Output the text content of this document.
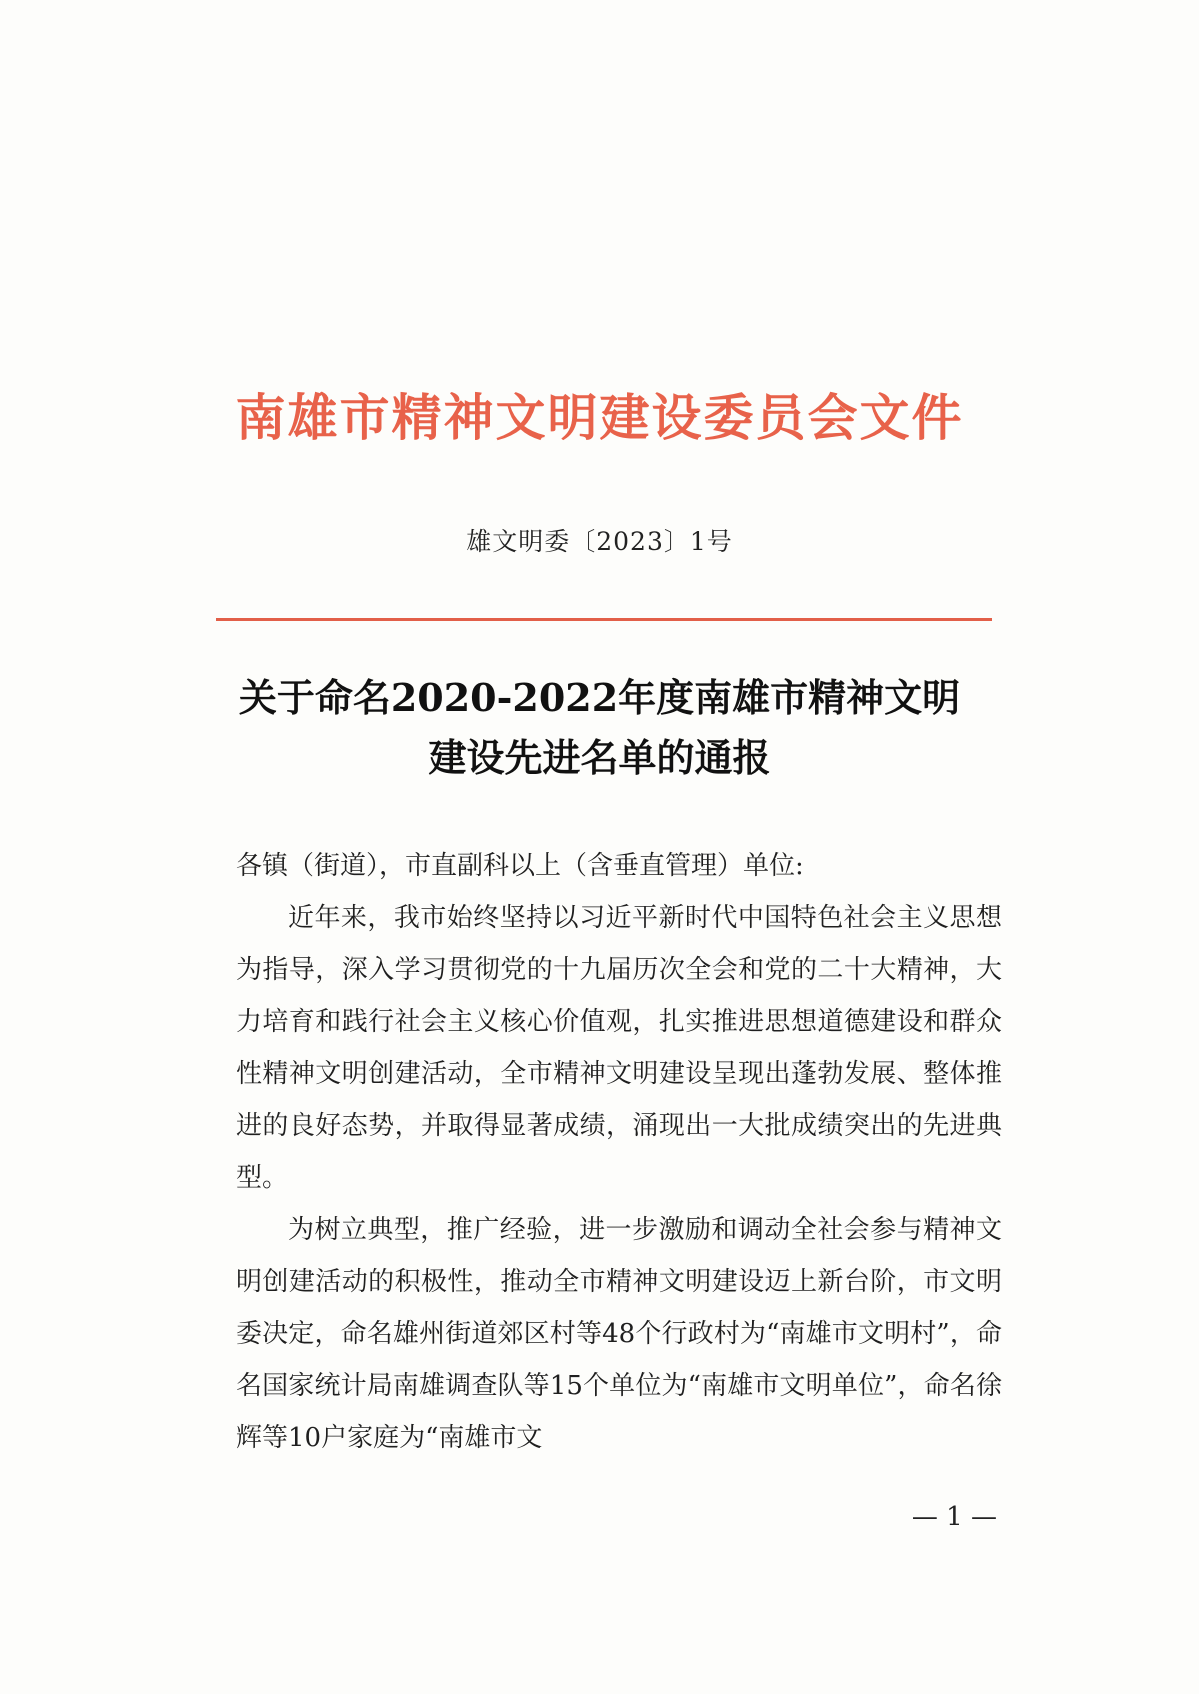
南雄市精神文明建设委员会文件
雄文明委〔2023〕1号
关于命名2020-2022年度南雄市精神文明
建设先进名单的通报

各镇（街道），市直副科以上（含垂直管理）单位:

近年来，我市始终坚持以习近平新时代中国特色社会主义思想为指导，深入学习贯彻党的十九届历次全会和党的二十大精神，大力培育和践行社会主义核心价值观，扎实推进思想道德建设和群众性精神文明创建活动，全市精神文明建设呈现出蓬勃发展、整体推进的良好态势，并取得显著成绩，涌现出一大批成绩突出的先进典型。

为树立典型，推广经验，进一步激励和调动全社会参与精神文明创建活动的积极性，推动全市精神文明建设迈上新台阶，市文明委决定，命名雄州街道郊区村等48个行政村为“南雄市文明村”，命名国家统计局南雄调查队等15个单位为“南雄市文明单位”，命名徐辉等10户家庭为“南雄市文

— 1 —
